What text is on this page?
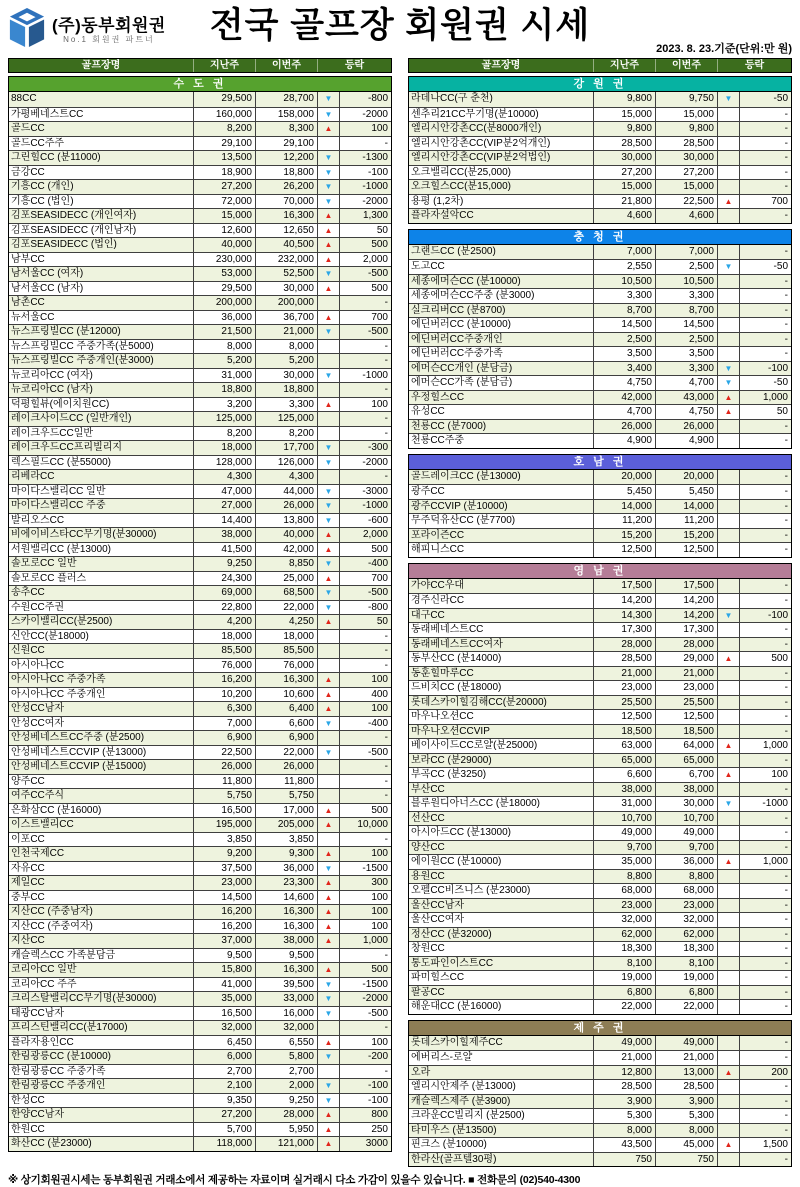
(주)동부회원권
No.1 회원권 파트너	전국 골프장 회원권 시세
2023. 8. 23.기준(단위:만 원)
골프장명	지난주	이번주	등락
수 도 권
88CC	29,500	28,700	▼	-800
가평베네스트CC	160,000	158,000	▼	-2000
골드CC	8,200	8,300	▲	100
골드CC주주	29,100	29,100	-
그린힐CC (분11000)	13,500	12,200	▼	-1300
금강CC	18,900	18,800	▼	-100
기흥CC (개인)	27,200	26,200	▼	-1000
기흥CC (법인)	72,000	70,000	▼	-2000
김포SEASIDECC (개인여자)	15,000	16,300	▲	1,300
김포SEASIDECC (개인남자)	12,600	12,650	▲	50
김포SEASIDECC (법인)	40,000	40,500	▲	500
남부CC	230,000	232,000	▲	2,000
남서울CC (여자)	53,000	52,500	▼	-500
남서울CC (남자)	29,500	30,000	▲	500
남촌CC	200,000	200,000	-
뉴서울CC	36,000	36,700	▲	700
뉴스프링빌CC (분12000)	21,500	21,000	▼	-500
뉴스프링빌CC 주중가족(분5000)	8,000	8,000	-
뉴스프링빌CC 주중개인(분3000)	5,200	5,200	-
뉴코리아CC (여자)	31,000	30,000	▼	-1000
뉴코리아CC (남자)	18,800	18,800	-
덕평힐뷰(에이치원CC)	3,200	3,300	▲	100
레이크사이드CC (일반개인)	125,000	125,000	-
레이크우드CC일반	8,200	8,200	-
레이크우드CC프리빌리지	18,000	17,700	▼	-300
렉스필드CC (분55000)	128,000	126,000	▼	-2000
리베라CC	4,300	4,300	-
마이다스밸리CC 일반	47,000	44,000	▼	-3000
마이다스밸리CC 주중	27,000	26,000	▼	-1000
발리오스CC	14,400	13,800	▼	-600
비에이비스타CC무기명(분30000)	38,000	40,000	▲	2,000
서원밸리CC (분13000)	41,500	42,000	▲	500
솔모로CC 일반	9,250	8,850	▼	-400
솔모로CC 플러스	24,300	25,000	▲	700
송추CC	69,000	68,500	▼	-500
수원CC주권	22,800	22,000	▼	-800
스카이밸리CC(분2500)	4,200	4,250	▲	50
신안CC(분18000)	18,000	18,000	-
신원CC	85,500	85,500	-
아시아나CC	76,000	76,000	-
아시아나CC 주중가족	16,200	16,300	▲	100
아시아나CC 주중개인	10,200	10,600	▲	400
안성CC남자	6,300	6,400	▲	100
안성CC여자	7,000	6,600	▼	-400
안성베네스트CC주중 (분2500)	6,900	6,900	-
안성베네스트CCVIP (분13000)	22,500	22,000	▼	-500
안성베네스트CCVIP (분15000)	26,000	26,000	-
양주CC	11,800	11,800	-
여주CC주식	5,750	5,750	-
은화삼CC (분16000)	16,500	17,000	▲	500
이스트밸리CC	195,000	205,000	▲	10,000
이포CC	3,850	3,850	-
인천국제CC	9,200	9,300	▲	100
자유CC	37,500	36,000	▼	-1500
제일CC	23,000	23,300	▲	300
중부CC	14,500	14,600	▲	100
지산CC (주중남자)	16,200	16,300	▲	100
지산CC (주중여자)	16,200	16,300	▲	100
지산CC	37,000	38,000	▲	1,000
캐슬렉스CC 가족분담금	9,500	9,500	-
코리아CC 일반	15,800	16,300	▲	500
코리아CC 주주	41,000	39,500	▼	-1500
크리스탈밸리CC무기명(분30000)	35,000	33,000	▼	-2000
태광CC남자	16,500	16,000	▼	-500
프리스틴밸리CC(분17000)	32,000	32,000	-
플라자용인CC	6,450	6,550	▲	100
한림광릉CC (분10000)	6,000	5,800	▼	-200
한림광릉CC 주중가족	2,700	2,700	-
한림광릉CC 주중개인	2,100	2,000	▼	-100
한성CC	9,350	9,250	▼	-100
한양CC남자	27,200	28,000	▲	800
한원CC	5,700	5,950	▲	250
화산CC (분23000)	118,000	121,000	▲	3000
골프장명	지난주	이번주	등락
강 원 권
라데나CC(구 춘천)	9,800	9,750	▼	-50
센추리21CC무기명(분10000)	15,000	15,000	-
엘리시안강촌CC(분8000개인)	9,800	9,800	-
엘리시안강촌CC(VIP분2억개인)	28,500	28,500	-
엘리시안강촌CC(VIP분2억법인)	30,000	30,000	-
오크밸리CC(분25,000)	27,200	27,200	-
오크힐스CC(분15,000)	15,000	15,000	-
용평 (1,2차)	21,800	22,500	▲	700
플라자설악CC	4,600	4,600	-
충 청 권
그랜드CC (분2500)	7,000	7,000	-
도고CC	2,550	2,500	▼	-50
세종에머슨CC (분10000)	10,500	10,500	-
세종에머슨CC주중 (분3000)	3,300	3,300	-
실크리버CC (분8700)	8,700	8,700	-
에딘버러CC (분10000)	14,500	14,500	-
에딘버러CC주중개인	2,500	2,500	-
에딘버러CC주중가족	3,500	3,500	-
에머슨CC개인 (분담금)	3,400	3,300	▼	-100
에머슨CC가족 (분담금)	4,750	4,700	▼	-50
우정힐스CC	42,000	43,000	▲	1,000
유성CC	4,700	4,750	▲	50
천룡CC (분7000)	26,000	26,000	-
천룡CC주중	4,900	4,900	-
호 남 권
골드레이크CC (분13000)	20,000	20,000	-
광주CC	5,450	5,450	-
광주CCVIP (분10000)	14,000	14,000	-
무주덕유산CC (분7700)	11,200	11,200	-
포라이즌CC	15,200	15,200	-
해피니스CC	12,500	12,500	-
영 남 권
가야CC우대	17,500	17,500	-
경주신라CC	14,200	14,200	-
대구CC	14,300	14,200	▼	-100
동래베네스트CC	17,300	17,300	-
동래베네스트CC여자	28,000	28,000	-
동부산CC (분14000)	28,500	29,000	▲	500
동훈힐마루CC	21,000	21,000	-
드비치CC (분18000)	23,000	23,000	-
롯데스카이힐김해CC(분20000)	25,500	25,500	-
마우나오션CC	12,500	12,500	-
마우나오션CCVIP	18,500	18,500	-
베이사이드CC로얄(분25000)	63,000	64,000	▲	1,000
보라CC (분29000)	65,000	65,000	-
부곡CC (분3250)	6,600	6,700	▲	100
부산CC	38,000	38,000	-
블루원디아너스CC (분18000)	31,000	30,000	▼	-1000
선산CC	10,700	10,700	-
아시아드CC (분13000)	49,000	49,000	-
양산CC	9,700	9,700	-
에이원CC (분10000)	35,000	36,000	▲	1,000
용원CC	8,800	8,800	-
오펠CC비즈니스 (분23000)	68,000	68,000	-
울산CC남자	23,000	23,000	-
울산CC여자	32,000	32,000	-
정산CC (분32000)	62,000	62,000	-
창원CC	18,300	18,300	-
통도파인이스트CC	8,100	8,100	-
파미힐스CC	19,000	19,000	-
팔공CC	6,800	6,800	-
해운대CC (분16000)	22,000	22,000	-
제 주 권
롯데스카이힐제주CC	49,000	49,000	-
에버리스-로얄	21,000	21,000	-
오라	12,800	13,000	▲	200
엘리시안제주 (분13000)	28,500	28,500	-
캐슬렉스제주 (분3900)	3,900	3,900	-
크라운CC빌리지 (분2500)	5,300	5,300	-
타미우스 (분13500)	8,000	8,000	-
핀크스 (분10000)	43,500	45,000	▲	1,500
한라산(골프텔30평)	750	750	-
※ 상기회원권시세는 동부회원권 거래소에서 제공하는 자료이며 실거래시 다소 가감이 있을수 있습니다. ■ 전화문의 (02)540-4300
